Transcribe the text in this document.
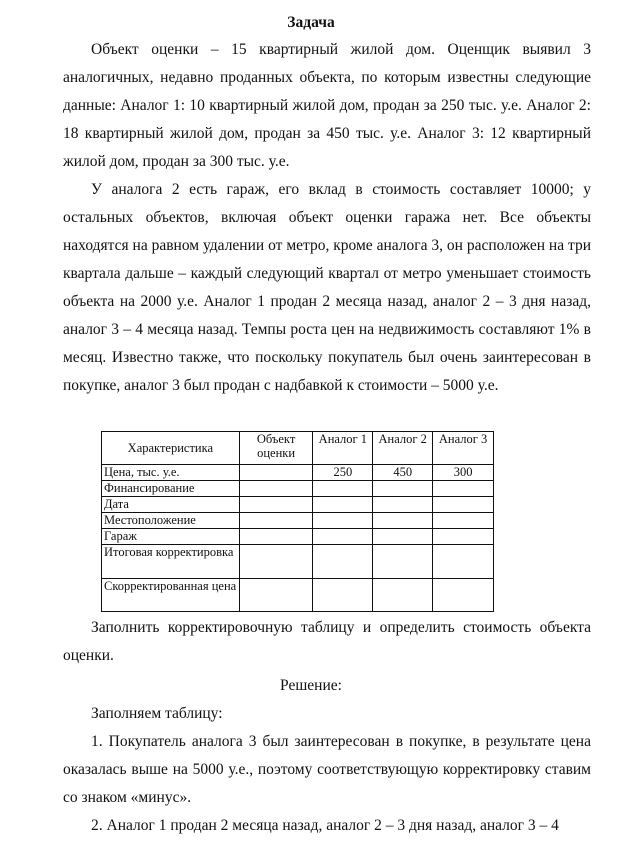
Задача

Объект оценки – 15 квартирный жилой дом. Оценщик выявил 3 аналогичных, недавно проданных объекта, по которым известны следующие данные: Аналог 1: 10 квартирный жилой дом, продан за 250 тыс. у.е. Аналог 2: 18 квартирный жилой дом, продан за 450 тыс. у.е. Аналог 3: 12 квартирный жилой дом, продан за 300 тыс. у.е.

У аналога 2 есть гараж, его вклад в стоимость составляет 10000; у остальных объектов, включая объект оценки гаража нет. Все объекты находятся на равном удалении от метро, кроме аналога 3, он расположен на три квартала дальше – каждый следующий квартал от метро уменьшает стоимость объекта на 2000 у.е. Аналог 1 продан 2 месяца назад, аналог 2 – 3 дня назад, аналог 3 – 4 месяца назад. Темпы роста цен на недвижимость составляют 1% в месяц. Известно также, что поскольку покупатель был очень заинтересован в покупке, аналог 3 был продан с надбавкой к стоимости – 5000 у.е.

Характеристика	Объект оценки	Аналог 1	Аналог 2	Аналог 3
Цена, тыс. у.е.		250	450	300
Финансирование				
Дата				
Местоположение				
Гараж				
Итоговая корректировка				
Скорректированная цена				

Заполнить корректировочную таблицу и определить стоимость объекта оценки.

Решение:
Заполняем таблицу:

1. Покупатель аналога 3 был заинтересован в покупке, в результате цена оказалась выше на 5000 у.е., поэтому соответствующую корректировку ставим со знаком «минус».

2. Аналог 1 продан 2 месяца назад, аналог 2 – 3 дня назад, аналог 3 – 4
